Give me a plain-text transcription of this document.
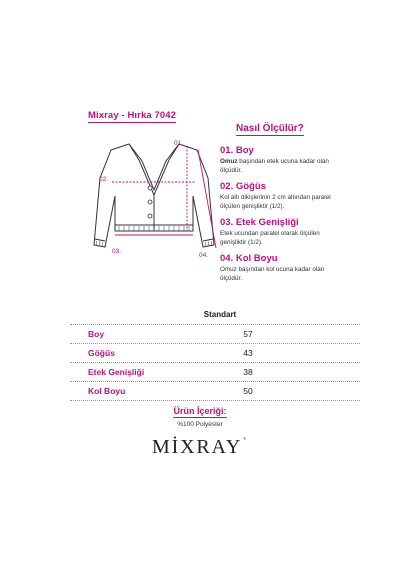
Mixray - Hırka 7042
01.
02.
03.
04.
Nasıl Ölçülür?
01. Boy
Omuz başından etek ucuna kadar olan ölçüdür.
02. Göğüs
Kol altı dikişlerinin 2 cm altından paralel ölçülen genişliktir (1/2).
03. Etek Genişliği
Etek ucundan paralel olarak ölçülen genişliktir (1/2).
04. Kol Boyu
Omuz başından kol ucuna kadar olan ölçüdür.
Standart
Boy	57
Göğüs	43
Etek Genişliği	38
Kol Boyu	50
Ürün İçeriği:
%100 Polyester
MİXRAY®
